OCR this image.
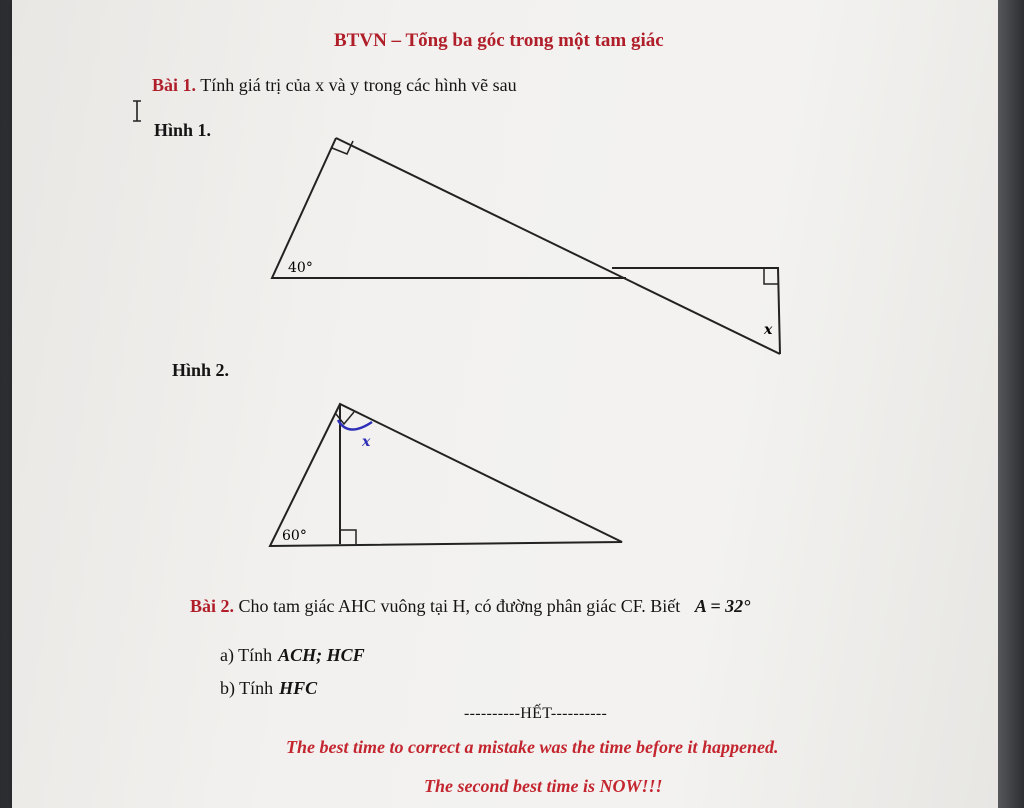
BTVN – Tổng ba góc trong một tam giác
Bài 1. Tính giá trị của x và y trong các hình vẽ sau
Hình 1.
40°
x
Hình 2.
x
60°
Bài 2. Cho tam giác AHC vuông tại H, có đường phân giác CF. Biết A = 32°
a) Tính ACH; HCF
b) Tính HFC
----------HẾT----------
The best time to correct a mistake was the time before it happened.
The second best time is NOW!!!
